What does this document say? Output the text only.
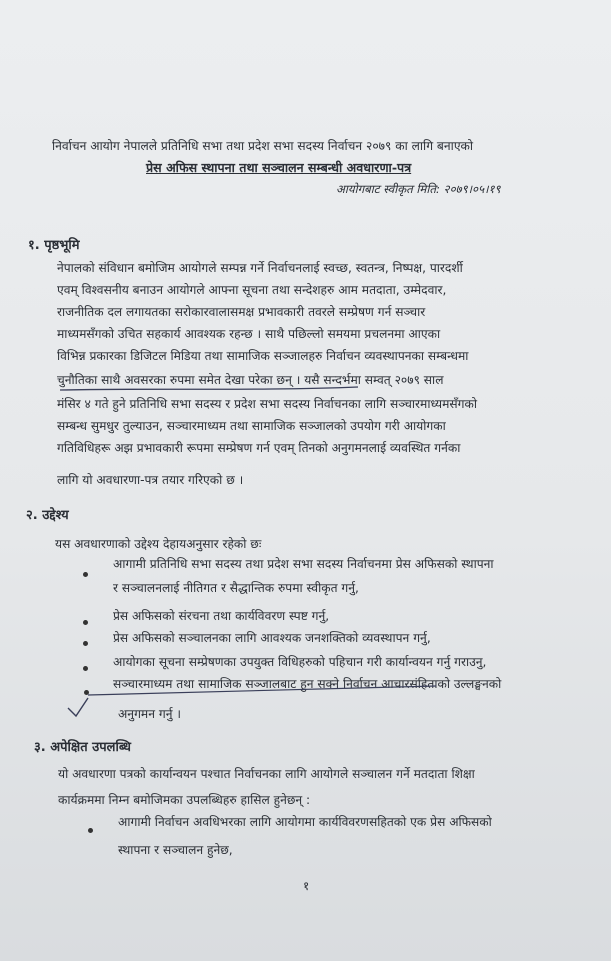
निर्वाचन आयोग नेपालले प्रतिनिधि सभा तथा प्रदेश सभा सदस्य निर्वाचन २०७९ का लागि बनाएको
प्रेस अफिस स्थापना तथा सञ्चालन सम्बन्धी अवधारणा-पत्र
आयोगबाट स्वीकृत मिति: २०७९।०५।१९
१. पृष्ठभूमि
नेपालको संविधान बमोजिम आयोगले सम्पन्न गर्ने निर्वाचनलाई स्वच्छ, स्वतन्त्र, निष्पक्ष, पारदर्शी
एवम् विश्वसनीय बनाउन आयोगले आफ्ना सूचना तथा सन्देशहरु आम मतदाता, उम्मेदवार,
राजनीतिक दल लगायतका सरोकारवालासमक्ष प्रभावकारी तवरले सम्प्रेषण गर्न सञ्चार
माध्यमसँगको उचित सहकार्य आवश्यक रहन्छ । साथै पछिल्लो समयमा प्रचलनमा आएका
विभिन्न प्रकारका डिजिटल मिडिया तथा सामाजिक सञ्जालहरु निर्वाचन व्यवस्थापनका सम्बन्धमा
चुनौतिका साथै अवसरका रुपमा समेत देखा परेका छन् । यसै सन्दर्भमा सम्वत् २०७९ साल
मंसिर ४ गते हुने प्रतिनिधि सभा सदस्य र प्रदेश सभा सदस्य निर्वाचनका लागि सञ्चारमाध्यमसँगको
सम्बन्ध सुमधुर तुल्याउन, सञ्चारमाध्यम तथा सामाजिक सञ्जालको उपयोग गरी आयोगका
गतिविधिहरू अझ प्रभावकारी रूपमा सम्प्रेषण गर्न एवम् तिनको अनुगमनलाई व्यवस्थित गर्नका
लागि यो अवधारणा-पत्र तयार गरिएको छ ।
२. उद्देश्य
यस अवधारणाको उद्देश्य देहायअनुसार रहेको छः
आगामी प्रतिनिधि सभा सदस्य तथा प्रदेश सभा सदस्य निर्वाचनमा प्रेस अफिसको स्थापना
र सञ्चालनलाई नीतिगत र सैद्धान्तिक रुपमा स्वीकृत गर्नु,
प्रेस अफिसको संरचना तथा कार्यविवरण स्पष्ट गर्नु,
प्रेस अफिसको सञ्चालनका लागि आवश्यक जनशक्तिको व्यवस्थापन गर्नु,
आयोगका सूचना सम्प्रेषणका उपयुक्त विधिहरुको पहिचान गरी कार्यान्वयन गर्नु गराउनु,
सञ्चारमाध्यम तथा सामाजिक सञ्जालबाट हुन सक्ने निर्वाचन आचारसंहिताको उल्लङ्घनको
अनुगमन गर्नु ।
३. अपेक्षित उपलब्धि
यो अवधारणा पत्रको कार्यान्वयन पश्चात निर्वाचनका लागि आयोगले सञ्चालन गर्ने मतदाता शिक्षा
कार्यक्रममा निम्न बमोजिमका उपलब्धिहरु हासिल हुनेछन् :
आगामी निर्वाचन अवधिभरका लागि आयोगमा कार्यविवरणसहितको एक प्रेस अफिसको
स्थापना र सञ्चालन हुनेछ,
१
